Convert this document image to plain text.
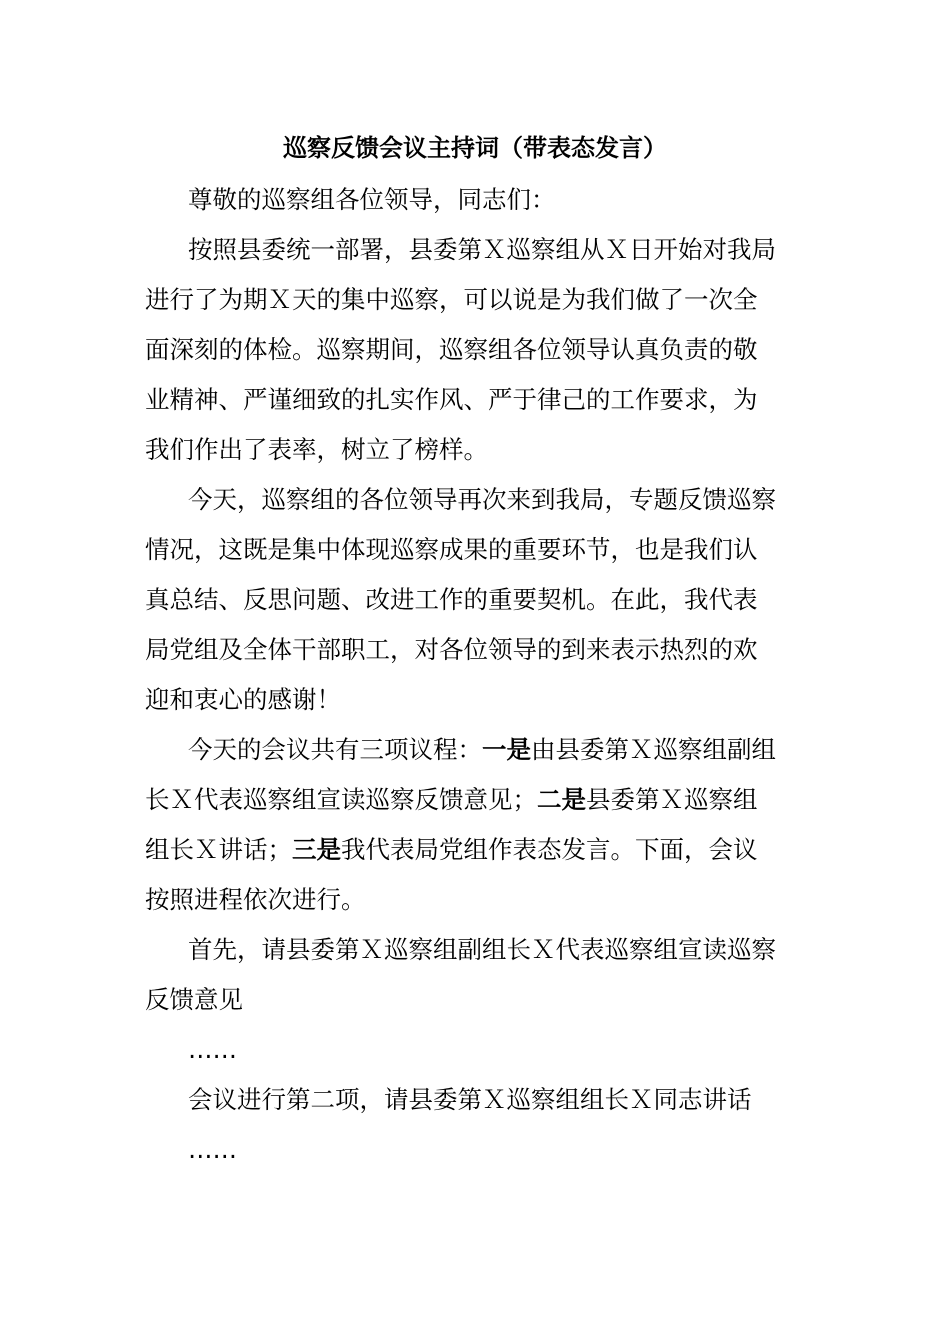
巡察反馈会议主持词（带表态发言）

尊敬的巡察组各位领导，同志们：

按照县委统一部署，县委第Ｘ巡察组从Ｘ日开始对我局

进行了为期Ｘ天的集中巡察，可以说是为我们做了一次全

面深刻的体检。巡察期间，巡察组各位领导认真负责的敬

业精神、严谨细致的扎实作风、严于律己的工作要求，为

我们作出了表率，树立了榜样。

今天，巡察组的各位领导再次来到我局，专题反馈巡察

情况，这既是集中体现巡察成果的重要环节，也是我们认

真总结、反思问题、改进工作的重要契机。在此，我代表

局党组及全体干部职工，对各位领导的到来表示热烈的欢

迎和衷心的感谢！

今天的会议共有三项议程：一是由县委第Ｘ巡察组副组

长Ｘ代表巡察组宣读巡察反馈意见；二是县委第Ｘ巡察组

组长Ｘ讲话；三是我代表局党组作表态发言。下面，会议

按照进程依次进行。

首先，请县委第Ｘ巡察组副组长Ｘ代表巡察组宣读巡察

反馈意见

……

会议进行第二项，请县委第Ｘ巡察组组长Ｘ同志讲话

……
